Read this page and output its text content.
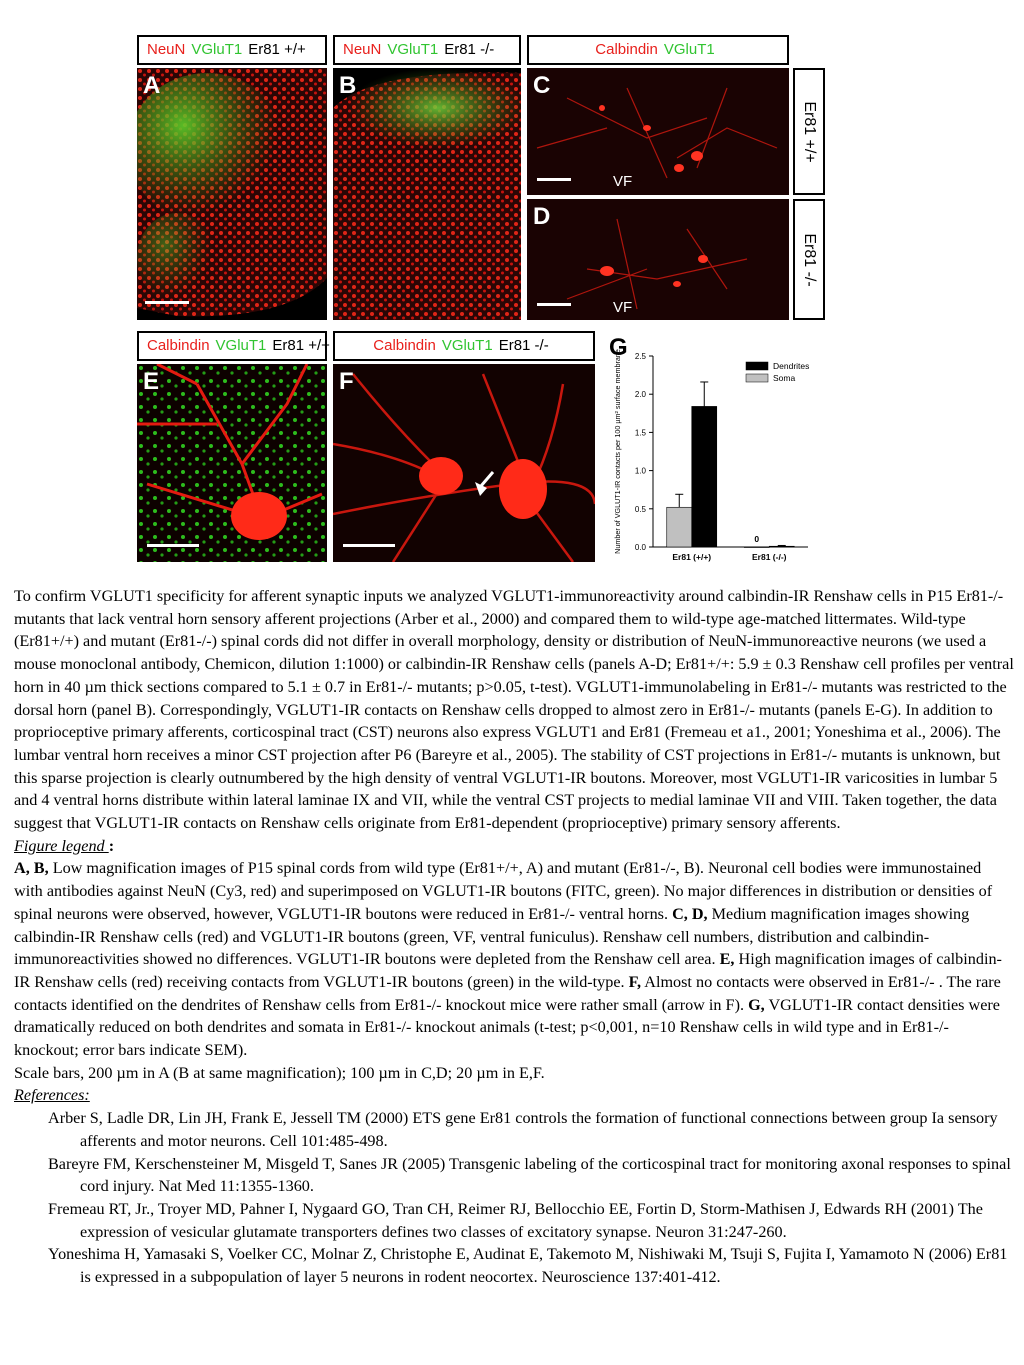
NeuN VGluT1 Er81 +/+	NeuN VGluT1 Er81 -/-	Calbindin VGluT1
A	B	C
VF
D
VF
Er81 +/+
Er81 -/-
Calbindin VGluT1 Er81 +/+	Calbindin VGluT1 Er81 -/-
E	F
G
0.0
0.5
1.0
1.5
2.0
2.5
Number of VGLUT1-IR contacts per 100 µm² surface membrane
Er81 (+/+)	Er81 (-/-)
0
Dendrites
Soma

To confirm VGLUT1 specificity for afferent synaptic inputs we analyzed VGLUT1-immunoreactivity around calbindin-IR Renshaw cells in P15 Er81-/- mutants that lack ventral horn sensory afferent projections (Arber et al., 2000) and compared them to wild-type age-matched littermates. Wild-type (Er81+/+) and mutant (Er81-/-) spinal cords did not differ in overall morphology, density or distribution of NeuN-immunoreactive neurons (we used a mouse monoclonal antibody, Chemicon, dilution 1:1000) or calbindin-IR Renshaw cells (panels A-D; Er81+/+: 5.9 ± 0.3 Renshaw cell profiles per ventral horn in 40 µm thick sections compared to 5.1 ± 0.7 in Er81-/- mutants; p>0.05, t-test). VGLUT1-immunolabeling in Er81-/- mutants was restricted to the dorsal horn (panel B). Correspondingly, VGLUT1-IR contacts on Renshaw cells dropped to almost zero in Er81-/- mutants (panels E-G). In addition to proprioceptive primary afferents, corticospinal tract (CST) neurons also express VGLUT1 and Er81 (Fremeau et a1., 2001; Yoneshima et al., 2006). The lumbar ventral horn receives a minor CST projection after P6 (Bareyre et al., 2005). The stability of CST projections in Er81-/- mutants is unknown, but this sparse projection is clearly outnumbered by the high density of ventral VGLUT1-IR boutons. Moreover, most VGLUT1-IR varicosities in lumbar 5 and 4 ventral horns distribute within lateral laminae IX and VII, while the ventral CST projects to medial laminae VII and VIII. Taken together, the data suggest that VGLUT1-IR contacts on Renshaw cells originate from Er81-dependent (proprioceptive) primary sensory afferents.

Figure legend :

A, B, Low magnification images of P15 spinal cords from wild type (Er81+/+, A) and mutant (Er81-/-, B). Neuronal cell bodies were immunostained with antibodies against NeuN (Cy3, red) and superimposed on VGLUT1-IR boutons (FITC, green). No major differences in distribution or densities of spinal neurons were observed, however, VGLUT1-IR boutons were reduced in Er81-/- ventral horns. C, D, Medium magnification images showing calbindin-IR Renshaw cells (red) and VGLUT1-IR boutons (green, VF, ventral funiculus). Renshaw cell numbers, distribution and calbindin-immunoreactivities showed no differences. VGLUT1-IR boutons were depleted from the Renshaw cell area. E, High magnification images of calbindin-IR Renshaw cells (red) receiving contacts from VGLUT1-IR boutons (green) in the wild-type. F, Almost no contacts were observed in Er81-/- . The rare contacts identified on the dendrites of Renshaw cells from Er81-/- knockout mice were rather small (arrow in F). G, VGLUT1-IR contact densities were dramatically reduced on both dendrites and somata in Er81-/- knockout animals (t-test; p<0,001, n=10 Renshaw cells in wild type and in Er81-/- knockout; error bars indicate SEM).

Scale bars, 200 µm in A (B at same magnification); 100 µm in C,D; 20 µm in E,F.

References:

Arber S, Ladle DR, Lin JH, Frank E, Jessell TM (2000) ETS gene Er81 controls the formation of functional connections between group Ia sensory afferents and motor neurons. Cell 101:485-498.

Bareyre FM, Kerschensteiner M, Misgeld T, Sanes JR (2005) Transgenic labeling of the corticospinal tract for monitoring axonal responses to spinal cord injury. Nat Med 11:1355-1360.

Fremeau RT, Jr., Troyer MD, Pahner I, Nygaard GO, Tran CH, Reimer RJ, Bellocchio EE, Fortin D, Storm-Mathisen J, Edwards RH (2001) The expression of vesicular glutamate transporters defines two classes of excitatory synapse. Neuron 31:247-260.

Yoneshima H, Yamasaki S, Voelker CC, Molnar Z, Christophe E, Audinat E, Takemoto M, Nishiwaki M, Tsuji S, Fujita I, Yamamoto N (2006) Er81 is expressed in a subpopulation of layer 5 neurons in rodent neocortex. Neuroscience 137:401-412.
